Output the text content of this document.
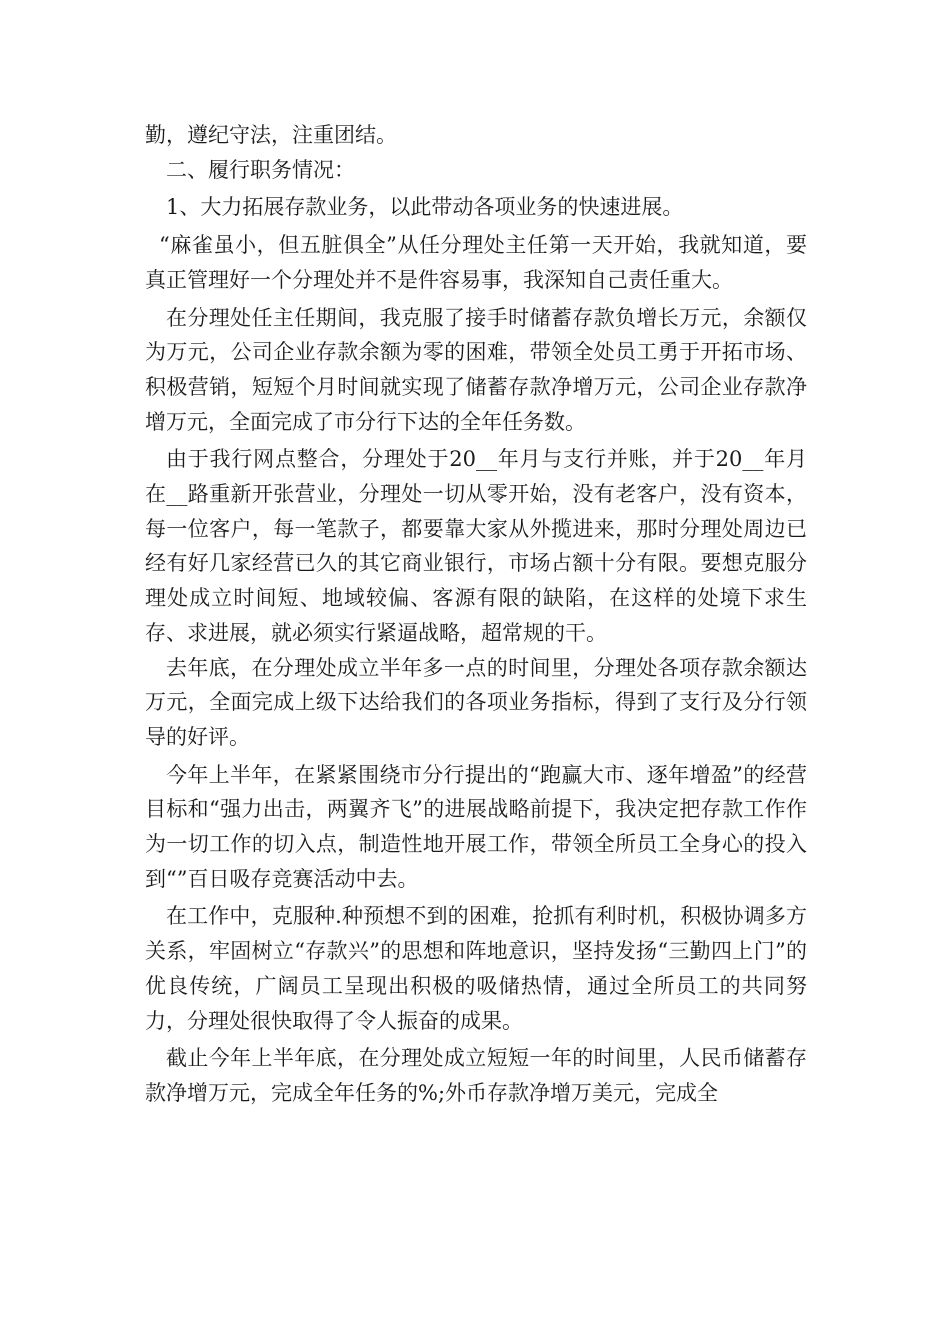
勤，遵纪守法，注重团结。

二、履行职务情况：

1、大力拓展存款业务，以此带动各项业务的快速进展。

“麻雀虽小，但五脏俱全”从任分理处主任第一天开始，我就知道，要真正管理好一个分理处并不是件容易事，我深知自己责任重大。

在分理处任主任期间，我克服了接手时储蓄存款负增长万元，余额仅为万元，公司企业存款余额为零的困难，带领全处员工勇于开拓市场、积极营销，短短个月时间就实现了储蓄存款净增万元，公司企业存款净增万元，全面完成了市分行下达的全年任务数。

由于我行网点整合，分理处于20__年月与支行并账，并于20__年月在__路重新开张营业，分理处一切从零开始，没有老客户，没有资本，每一位客户，每一笔款子，都要靠大家从外揽进来，那时分理处周边已经有好几家经营已久的其它商业银行，市场占额十分有限。要想克服分理处成立时间短、地域较偏、客源有限的缺陷，在这样的处境下求生存、求进展，就必须实行紧逼战略，超常规的干。

去年底，在分理处成立半年多一点的时间里，分理处各项存款余额达万元，全面完成上级下达给我们的各项业务指标，得到了支行及分行领导的好评。

今年上半年，在紧紧围绕市分行提出的“跑赢大市、逐年增盈”的经营目标和“强力出击，两翼齐飞”的进展战略前提下，我决定把存款工作作为一切工作的切入点，制造性地开展工作，带领全所员工全身心的投入到“”百日吸存竞赛活动中去。

在工作中，克服种.种预想不到的困难，抢抓有利时机，积极协调多方关系，牢固树立“存款兴”的思想和阵地意识，坚持发扬“三勤四上门”的优良传统，广阔员工呈现出积极的吸储热情，通过全所员工的共同努力，分理处很快取得了令人振奋的成果。

截止今年上半年底，在分理处成立短短一年的时间里，人民币储蓄存款净增万元，完成全年任务的%;外币存款净增万美元，完成全
